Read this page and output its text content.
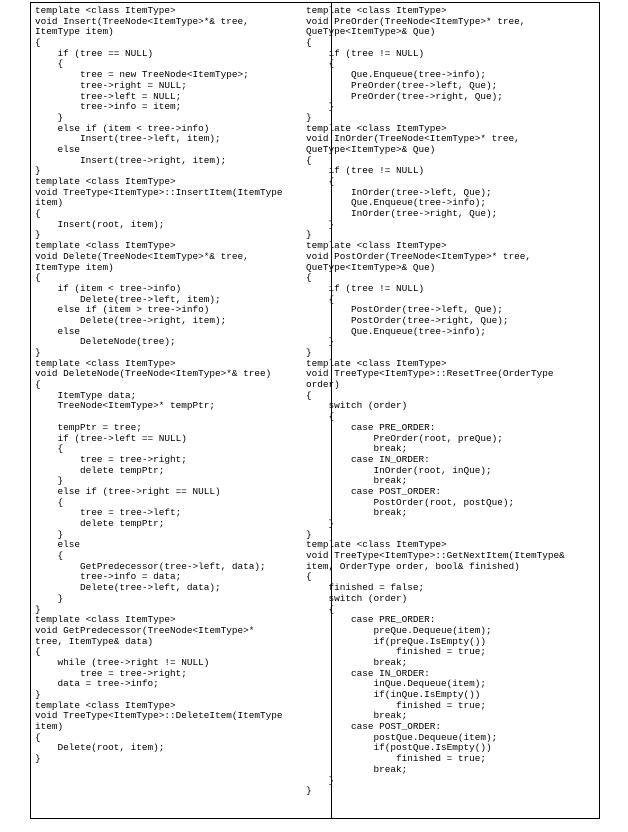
template <class ItemType>
void Insert(TreeNode<ItemType>*& tree,
ItemType item)
{
if (tree == NULL)
{
tree = new TreeNode<ItemType>;
tree->right = NULL;
tree->left = NULL;
tree->info = item;
}
else if (item < tree->info)
Insert(tree->left, item);
else
Insert(tree->right, item);
}
template <class ItemType>
void TreeType<ItemType>::InsertItem(ItemType
item)
{
Insert(root, item);
}
template <class ItemType>
void Delete(TreeNode<ItemType>*& tree,
ItemType item)
{
if (item < tree->info)
Delete(tree->left, item);
else if (item > tree->info)
Delete(tree->right, item);
else
DeleteNode(tree);
}
template <class ItemType>
void DeleteNode(TreeNode<ItemType>*& tree)
{
ItemType data;
TreeNode<ItemType>* tempPtr;
tempPtr = tree;
if (tree->left == NULL)
{
tree = tree->right;
delete tempPtr;
}
else if (tree->right == NULL)
{
tree = tree->left;
delete tempPtr;
}
else
{
GetPredecessor(tree->left, data);
tree->info = data;
Delete(tree->left, data);
}
}
template <class ItemType>
void GetPredecessor(TreeNode<ItemType>*
tree, ItemType& data)
{
while (tree->right != NULL)
tree = tree->right;
data = tree->info;
}
template <class ItemType>
void TreeType<ItemType>::DeleteItem(ItemType
item)
{
Delete(root, item);
}
template <class ItemType>
void PreOrder(TreeNode<ItemType>* tree,
QueType<ItemType>& Que)
{
if (tree != NULL)
{
Que.Enqueue(tree->info);
PreOrder(tree->left, Que);
PreOrder(tree->right, Que);
}
}
template <class ItemType>
void InOrder(TreeNode<ItemType>* tree,
QueType<ItemType>& Que)
{
if (tree != NULL)
{
InOrder(tree->left, Que);
Que.Enqueue(tree->info);
InOrder(tree->right, Que);
}
}
template <class ItemType>
void PostOrder(TreeNode<ItemType>* tree,
QueType<ItemType>& Que)
{
if (tree != NULL)
{
PostOrder(tree->left, Que);
PostOrder(tree->right, Que);
Que.Enqueue(tree->info);
}
}
template <class ItemType>
void TreeType<ItemType>::ResetTree(OrderType
order)
{
switch (order)
{
case PRE_ORDER:
PreOrder(root, preQue);
break;
case IN_ORDER:
InOrder(root, inQue);
break;
case POST_ORDER:
PostOrder(root, postQue);
break;
}
}
template <class ItemType>
void TreeType<ItemType>::GetNextItem(ItemType&
item, OrderType order, bool& finished)
{
finished = false;
switch (order)
{
case PRE_ORDER:
preQue.Dequeue(item);
if(preQue.IsEmpty())
finished = true;
break;
case IN_ORDER:
inQue.Dequeue(item);
if(inQue.IsEmpty())
finished = true;
break;
case POST_ORDER:
postQue.Dequeue(item);
if(postQue.IsEmpty())
finished = true;
break;
}
}
